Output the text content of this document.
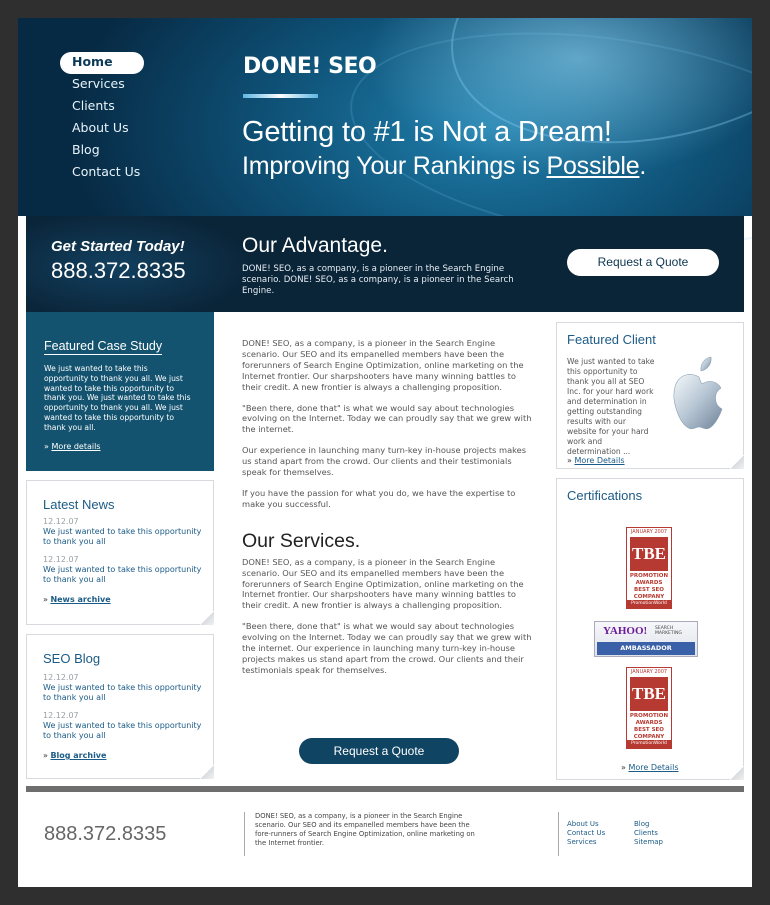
Home
Services
Clients
About Us
Blog
Contact Us
DONE! SEO
Getting to #1 is Not a Dream!
Improving Your Rankings is Possible.
Get Started Today!
888.372.8335
Our Advantage.
DONE! SEO, as a company, is a pioneer in the Search Engine scenario. DONE! SEO, as a company, is a pioneer in the Search Engine.
Request a Quote
Featured Case Study

We just wanted to take this opportunity to thank you all. We just wanted to take this opportunity to thank you. We just wanted to take this opportunity to thank you all. We just wanted to take this opportunity to thank you all.

» More details
Latest News
12.12.07
We just wanted to take this opportunity to thank you all
12.12.07
We just wanted to take this opportunity to thank you all
» News archive
SEO Blog
12.12.07
We just wanted to take this opportunity to thank you all
12.12.07
We just wanted to take this opportunity to thank you all
» Blog archive

DONE! SEO, as a company, is a pioneer in the Search Engine scenario. Our SEO and its empanelled members have been the forerunners of Search Engine Optimization, online marketing on the Internet frontier. Our sharpshooters have many winning battles to their credit. A new frontier is always a challenging proposition.

"Been there, done that" is what we would say about technologies evolving on the Internet. Today we can proudly say that we grew with the internet.

Our experience in launching many turn-key in-house projects makes us stand apart from the crowd. Our clients and their testimonials speak for themselves.

If you have the passion for what you do, we have the expertise to make you successful.

Our Services.

DONE! SEO, as a company, is a pioneer in the Search Engine scenario. Our SEO and its empanelled members have been the forerunners of Search Engine Optimization, online marketing on the Internet frontier. Our sharpshooters have many winning battles to their credit. A new frontier is always a challenging proposition.

"Been there, done that" is what we would say about technologies evolving on the Internet. Today we can proudly say that we grew with the internet. Our experience in launching many turn-key in-house projects makes us stand apart from the crowd. Our clients and their testimonials speak for themselves.

Request a Quote
Featured Client

We just wanted to take this opportunity to thank you all at SEO Inc. for your hard work and determination in getting outstanding results with our website for your hard work and determination ...

» More Details
Certifications
JANUARY 2007
TBE
PROMOTION AWARDS BEST SEO COMPANY
PromotionWorld
YAHOO! SEARCH MARKETING
AMBASSADOR
JANUARY 2007
TBE
PROMOTION AWARDS BEST SEO COMPANY
PromotionWorld
» More Details
888.372.8335
DONE! SEO, as a company, is a pioneer in the Search Engine scenario. Our SEO and its empanelled members have been the fore-runners of Search Engine Optimization, online marketing on the Internet frontier.
About Us
Contact Us
Services
Blog
Clients
Sitemap
